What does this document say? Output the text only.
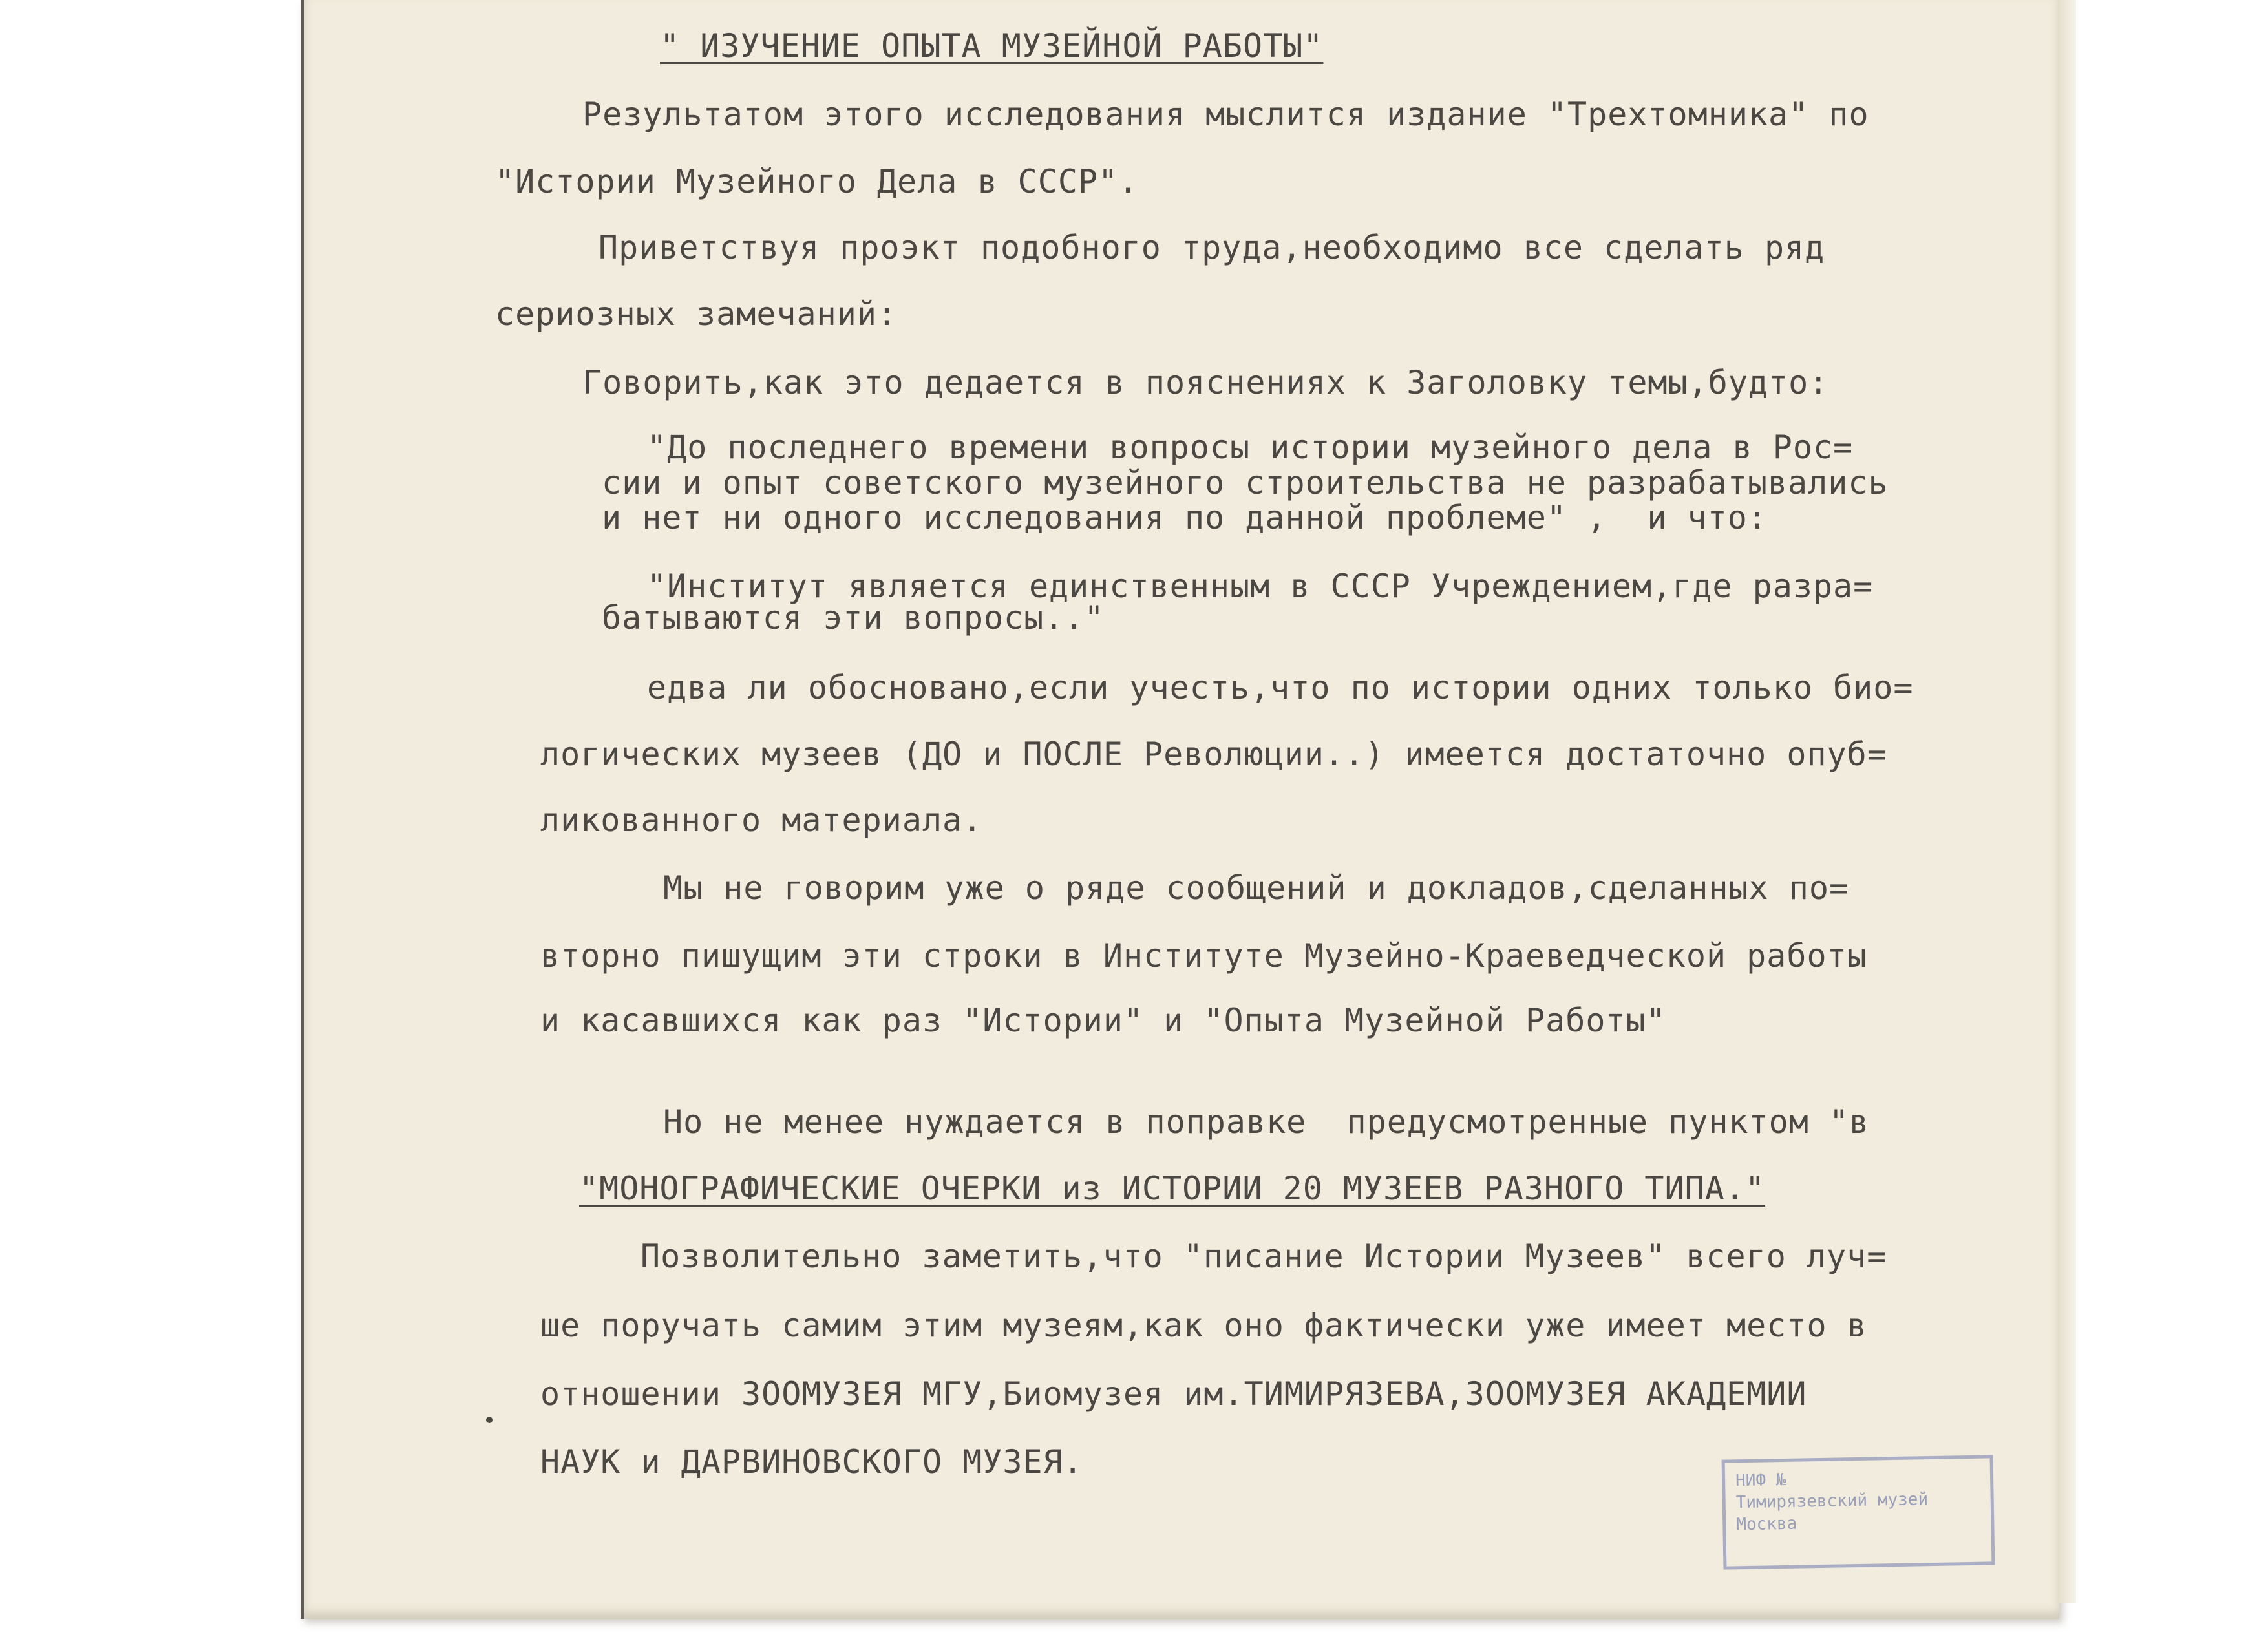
" ИЗУЧЕНИЕ ОПЫТА МУЗЕЙНОЙ РАБОТЫ"

Результатом этого исследования мыслится издание "Трехтомника" по

"Истории Музейного Дела в СССР".

Приветствуя проэкт подобного труда,необходимо все сделать ряд

сериозных замечаний:

Говорить,как это дедается в пояснениях к Заголовку темы,будто:

"До последнего времени вопросы истории музейного дела в Рос=

сии и опыт советского музейного строительства не разрабатывались

и нет ни одного исследования по данной проблеме" ,  и что:

"Институт является единственным в СССР Учреждением,где разра=

батываются эти вопросы.."

едва ли обосновано,если учесть,что по истории одних только био=

логических музеев (ДО и ПОСЛЕ Революции..) имеется достаточно опуб=

ликованного материала.

Мы не говорим уже о ряде сообщений и докладов,сделанных по=

вторно пишущим эти строки в Институте Музейно-Краеведческой работы

и касавшихся как раз "Истории" и "Опыта Музейной Работы"

Но не менее нуждается в поправке  предусмотренные пунктом "в

"МОНОГРАФИЧЕСКИЕ ОЧЕРКИ из ИСТОРИИ 20 МУЗЕЕВ РАЗНОГО ТИПА."

Позволительно заметить,что "писание Истории Музеев" всего луч=

ше поручать самим этим музеям,как оно фактически уже имеет место в

отношении ЗООМУЗЕЯ МГУ,Биомузея им.ТИМИРЯЗЕВА,ЗООМУЗЕЯ АКАДЕМИИ

НАУК и ДАРВИНОВСКОГО МУЗЕЯ.	НИФ №
Тимирязевский музей
Москва
